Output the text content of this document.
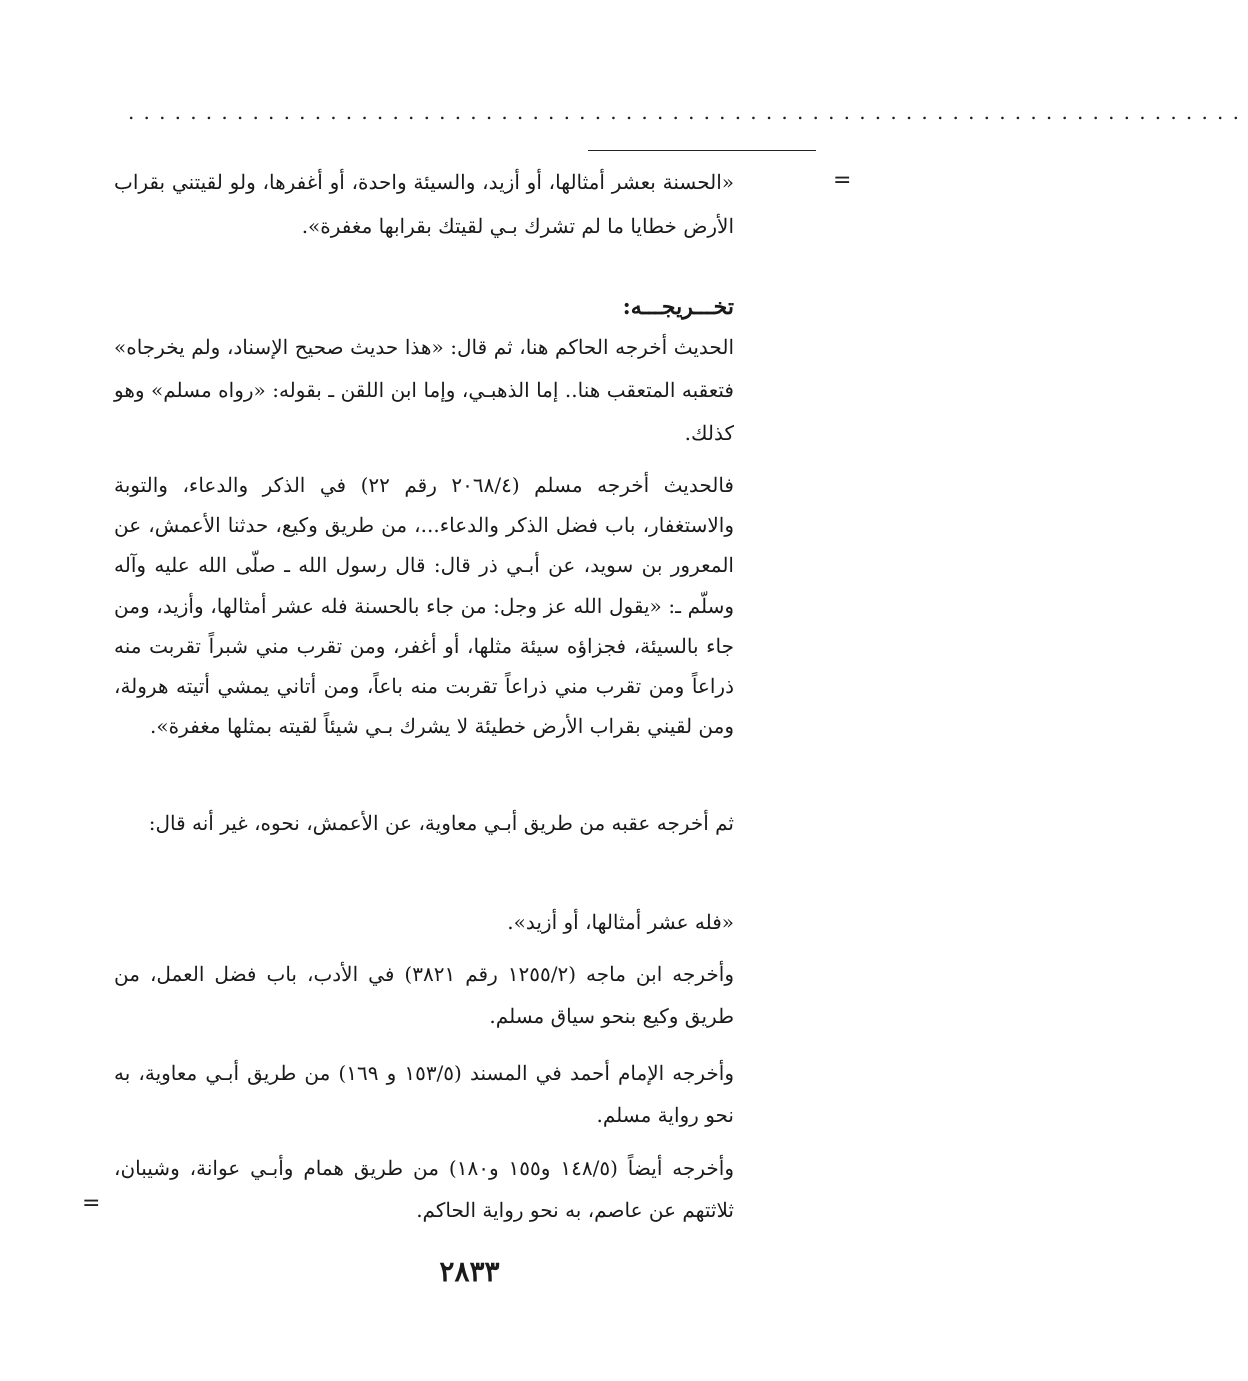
........................................................................
=

«الحسنة بعشر أمثالها، أو أزيد، والسيئة واحدة، أو أغفرها، ولو لقيتني بقراب الأرض خطايا ما لم تشرك بـي لقيتك بقرابها مغفرة».

تخـــريجـــه:

الحديث أخرجه الحاكم هنا، ثم قال: «هذا حديث صحيح الإسناد، ولم يخرجاه» فتعقبه المتعقب هنا.. إما الذهبـي، وإما ابن اللقن ـ بقوله: «رواه مسلم» وهو كذلك.

فالحديث أخرجه مسلم (٢٠٦٨/٤ رقم ٢٢) في الذكر والدعاء، والتوبة والاستغفار، باب فضل الذكر والدعاء...، من طريق وكيع، حدثنا الأعمش، عن المعرور بن سويد، عن أبـي ذر قال: قال رسول الله ـ صلّى الله عليه وآله وسلّم ـ: «يقول الله عز وجل: من جاء بالحسنة فله عشر أمثالها، وأزيد، ومن جاء بالسيئة، فجزاؤه سيئة مثلها، أو أغفر، ومن تقرب مني شبراً تقربت منه ذراعاً ومن تقرب مني ذراعاً تقربت منه باعاً، ومن أتاني يمشي أتيته هرولة، ومن لقيني بقراب الأرض خطيئة لا يشرك بـي شيئاً لقيته بمثلها مغفرة».

ثم أخرجه عقبه من طريق أبـي معاوية، عن الأعمش، نحوه، غير أنه قال:

«فله عشر أمثالها، أو أزيد».

وأخرجه ابن ماجه (١٢٥٥/٢ رقم ٣٨٢١) في الأدب، باب فضل العمل، من طريق وكيع بنحو سياق مسلم.

وأخرجه الإمام أحمد في المسند (١٥٣/٥ و ١٦٩) من طريق أبـي معاوية، به نحو رواية مسلم.

وأخرجه أيضاً (١٤٨/٥ و١٥٥ و١٨٠) من طريق همام وأبـي عوانة، وشيبان، ثلاثتهم عن عاصم، به نحو رواية الحاكم.

=
٢٨٣٣
